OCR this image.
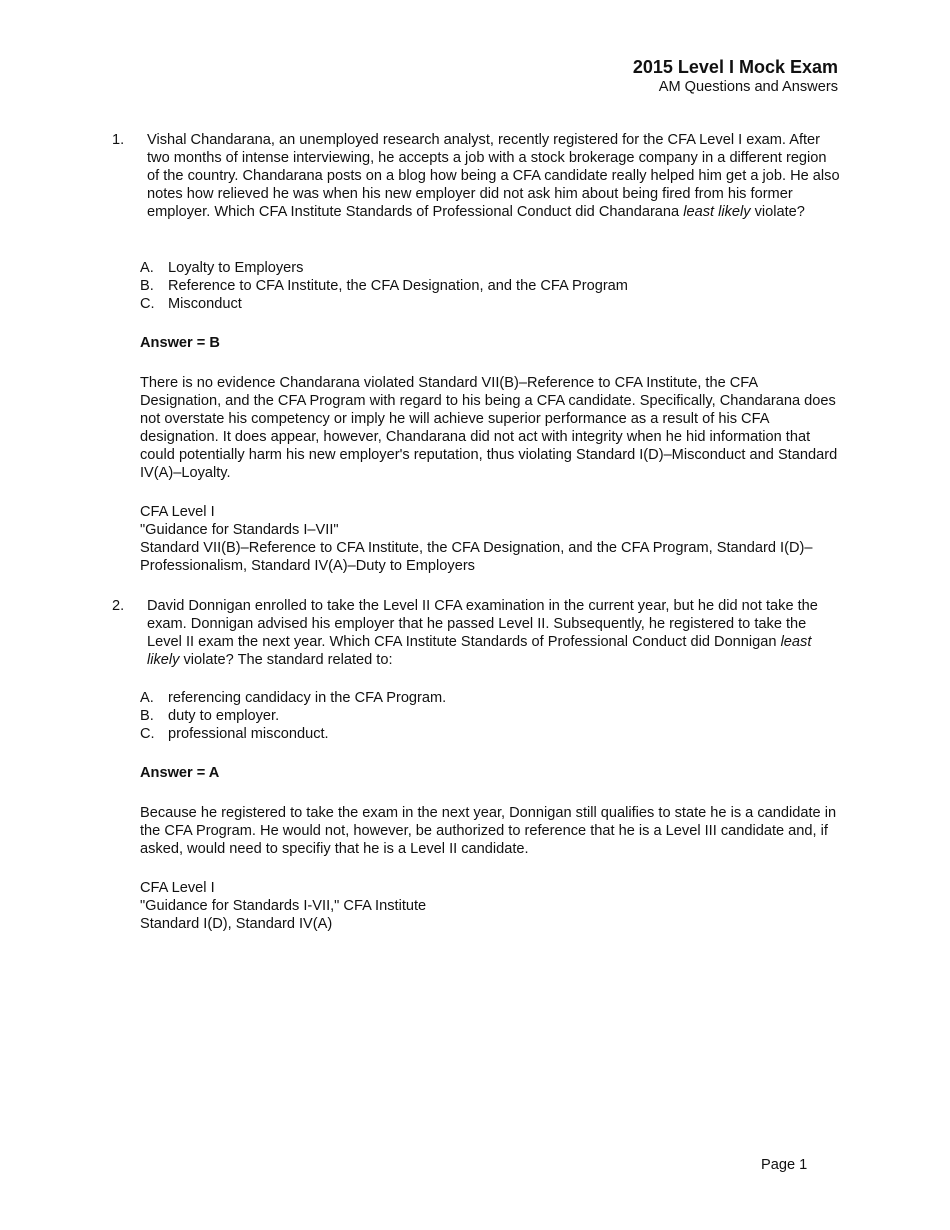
2015 Level I Mock Exam
AM Questions and Answers
1. Vishal Chandarana, an unemployed research analyst, recently registered for the CFA Level I exam. After two months of intense interviewing, he accepts a job with a stock brokerage company in a different region of the country. Chandarana posts on a blog how being a CFA candidate really helped him get a job. He also notes how relieved he was when his new employer did not ask him about being fired from his former employer. Which CFA Institute Standards of Professional Conduct did Chandarana least likely violate?
A. Loyalty to Employers
B. Reference to CFA Institute, the CFA Designation, and the CFA Program
C. Misconduct
Answer = B
There is no evidence Chandarana violated Standard VII(B)–Reference to CFA Institute, the CFA Designation, and the CFA Program with regard to his being a CFA candidate. Specifically, Chandarana does not overstate his competency or imply he will achieve superior performance as a result of his CFA designation. It does appear, however, Chandarana did not act with integrity when he hid information that could potentially harm his new employer's reputation, thus violating Standard I(D)–Misconduct and Standard IV(A)–Loyalty.
CFA Level I
"Guidance for Standards I–VII"
Standard VII(B)–Reference to CFA Institute, the CFA Designation, and the CFA Program, Standard I(D)–Professionalism, Standard IV(A)–Duty to Employers
2. David Donnigan enrolled to take the Level II CFA examination in the current year, but he did not take the exam. Donnigan advised his employer that he passed Level II. Subsequently, he registered to take the Level II exam the next year. Which CFA Institute Standards of Professional Conduct did Donnigan least likely violate? The standard related to:
A. referencing candidacy in the CFA Program.
B. duty to employer.
C. professional misconduct.
Answer = A
Because he registered to take the exam in the next year, Donnigan still qualifies to state he is a candidate in the CFA Program. He would not, however, be authorized to reference that he is a Level III candidate and, if asked, would need to specifiy that he is a Level II candidate.
CFA Level I
"Guidance for Standards I-VII," CFA Institute
Standard I(D), Standard IV(A)
Page 1
